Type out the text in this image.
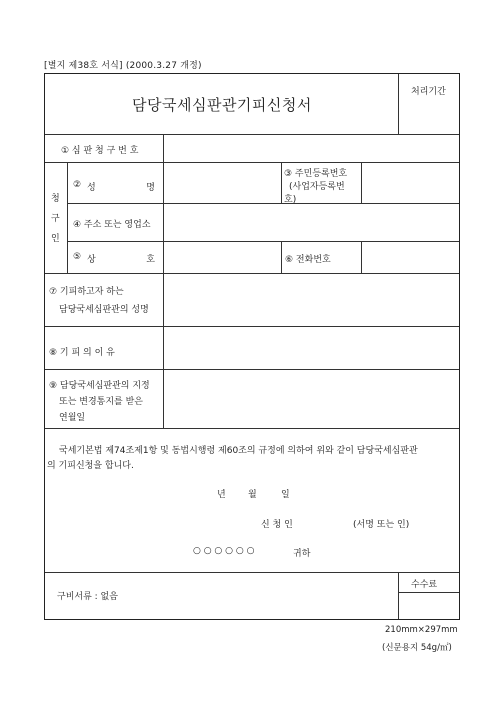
[별지 제38호 서식] (2000.3.27 개정)
담당국세심판관기피신청서
처리기간
① 심 판 청 구 번 호
청
구
인
② 성	명
③ 주민등록번호
(사업자등록번
호)
④ 주소 또는 영업소
⑤ 상	호	⑥ 전화번호
⑦ 기피하고자 하는
담당국세심판관의 성명
⑧ 기 피 의 이 유
⑨ 담당국세심판관의 지정
또는 변경통지를 받은
연월일
국세기본법 제74조제1항 및 동법시행령 제60조의 규정에 의하여 위와 같이 담당국세심판관
의 기피신청을 합니다.
년 월	일
신 청 인	(서명 또는 인)
○ ○ ○ ○ ○ ○	귀하
구비서류 : 없음
수수료
210mm×297mm
(신문용지 54g/㎡)
